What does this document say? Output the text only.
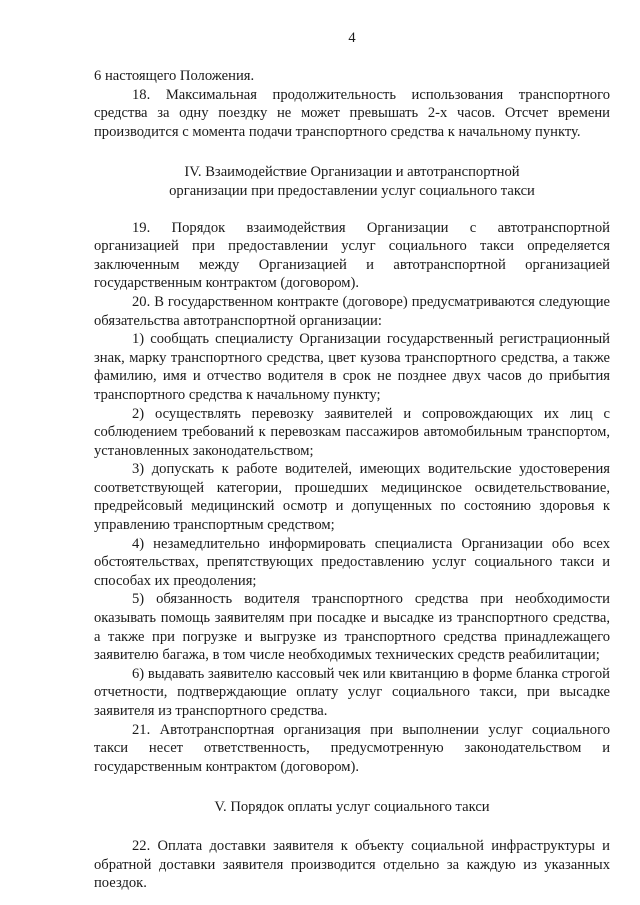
4

6 настоящего Положения.

18. Максимальная продолжительность использования транспортного средства за одну поездку не может превышать 2-х часов. Отсчет времени производится с момента подачи транспортного средства к начальному пункту.

IV. Взаимодействие Организации и автотранспортной
организации при предоставлении услуг социального такси

19. Порядок взаимодействия Организации с автотранспортной организацией при предоставлении услуг социального такси определяется заключенным между Организацией и автотранспортной организацией государственным контрактом (договором).

20. В государственном контракте (договоре) предусматриваются следующие обязательства автотранспортной организации:

1) сообщать специалисту Организации государственный регистрационный знак, марку транспортного средства, цвет кузова транспортного средства, а также фамилию, имя и отчество водителя в срок не позднее двух часов до прибытия транспортного средства к начальному пункту;

2) осуществлять перевозку заявителей и сопровождающих их лиц с соблюдением требований к перевозкам пассажиров автомобильным транспортом, установленных законодательством;

3) допускать к работе водителей, имеющих водительские удостоверения соответствующей категории, прошедших медицинское освидетельствование, предрейсовый медицинский осмотр и допущенных по состоянию здоровья к управлению транспортным средством;

4) незамедлительно информировать специалиста Организации обо всех обстоятельствах, препятствующих предоставлению услуг социального такси и способах их преодоления;

5) обязанность водителя транспортного средства при необходимости оказывать помощь заявителям при посадке и высадке из транспортного средства, а также при погрузке и выгрузке из транспортного средства принадлежащего заявителю багажа, в том числе необходимых технических средств реабилитации;

6) выдавать заявителю кассовый чек или квитанцию в форме бланка строгой отчетности, подтверждающие оплату услуг социального такси, при высадке заявителя из транспортного средства.

21. Автотранспортная организация при выполнении услуг социального такси несет ответственность, предусмотренную законодательством и государственным контрактом (договором).

V. Порядок оплаты услуг социального такси

22. Оплата доставки заявителя к объекту социальной инфраструктуры и обратной доставки заявителя производится отдельно за каждую из указанных поездок.
